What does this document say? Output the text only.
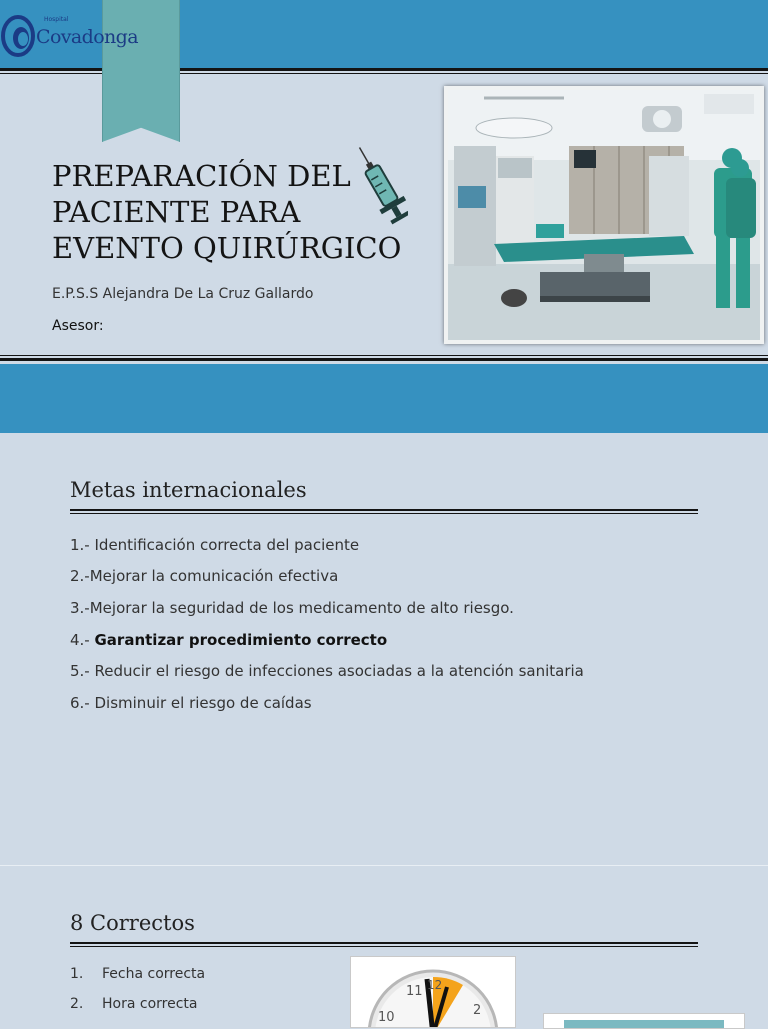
Hospital
Covadonga
PREPARACIÓN DEL
PACIENTE PARA
EVENTO QUIRÚRGICO
E.P.S.S Alejandra De La Cruz Gallardo
Asesor:
Metas internacionales
1.- Identificación correcta del paciente
2.-Mejorar la comunicación efectiva
3.-Mejorar la seguridad de los medicamento de alto riesgo.
4.- Garantizar procedimiento correcto
5.- Reducir el riesgo de infecciones asociadas a la atención sanitaria
6.- Disminuir el riesgo de caídas
8 Correctos
1. Fecha correcta
2. Hora correcta
11
10
12
2
